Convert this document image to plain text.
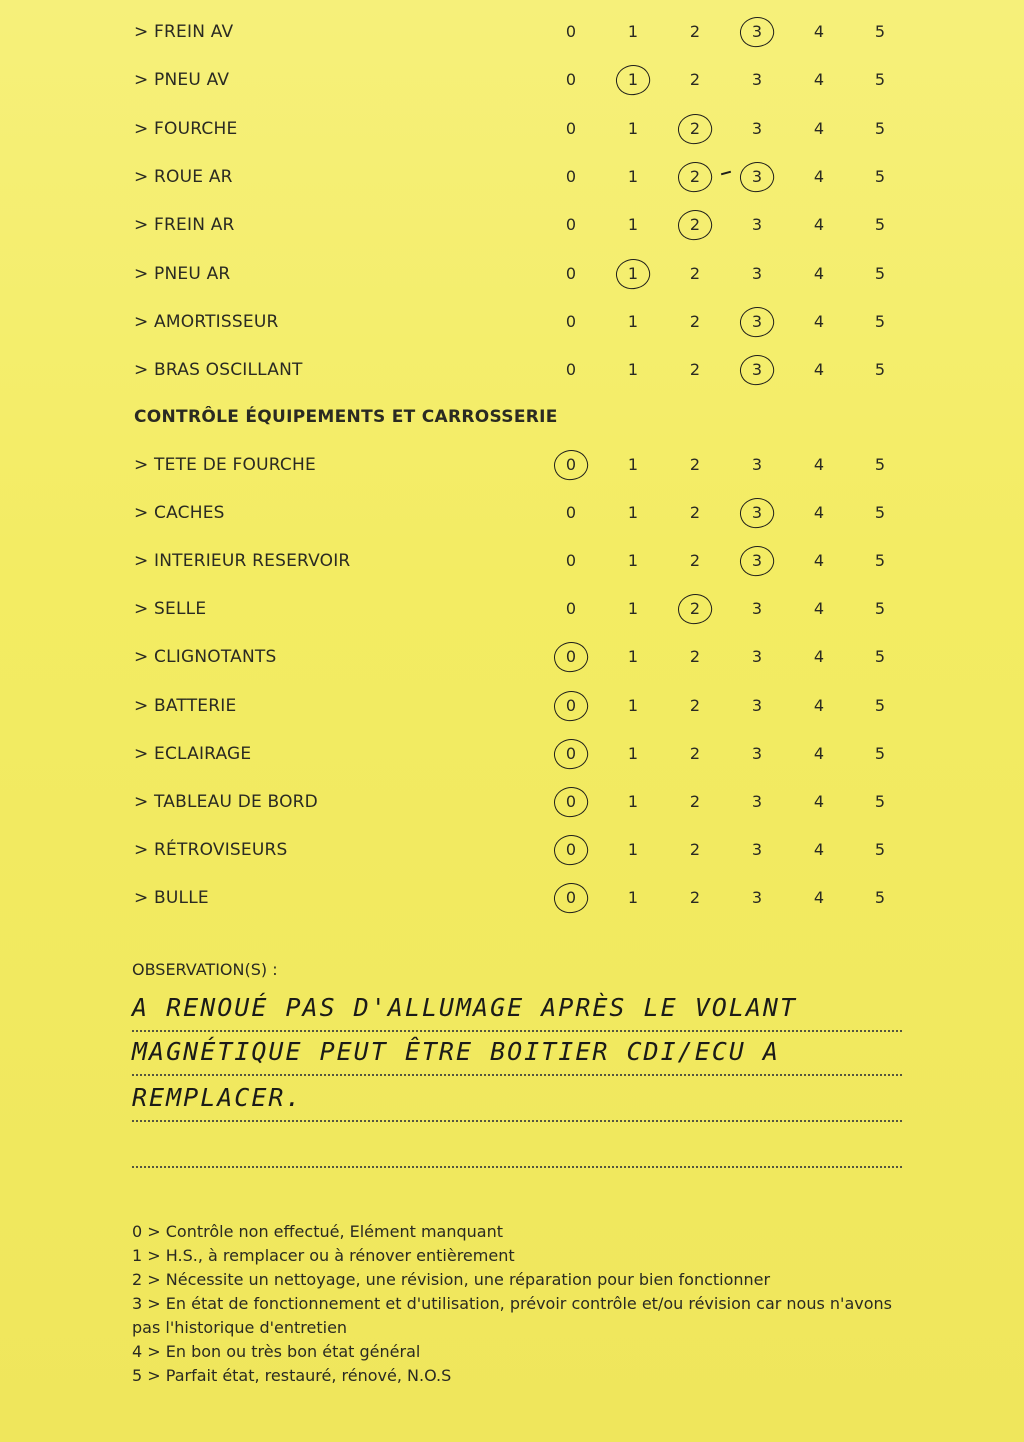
> FREIN AV	0	1	2	3	4	5
> PNEU AV	0	1	2	3	4	5
> FOURCHE	0	1	2	3	4	5
> ROUE AR	0	1	2	3	4	5
> FREIN AR	0	1	2	3	4	5
> PNEU AR	0	1	2	3	4	5
> AMORTISSEUR	0	1	2	3	4	5
> BRAS OSCILLANT	0	1	2	3	4	5
CONTRÔLE ÉQUIPEMENTS ET CARROSSERIE
> TETE DE FOURCHE	0	1	2	3	4	5
> CACHES	0	1	2	3	4	5
> INTERIEUR RESERVOIR	0	1	2	3	4	5
> SELLE	0	1	2	3	4	5
> CLIGNOTANTS	0	1	2	3	4	5
> BATTERIE	0	1	2	3	4	5
> ECLAIRAGE	0	1	2	3	4	5
> TABLEAU DE BORD	0	1	2	3	4	5
> RÉTROVISEURS	0	1	2	3	4	5
> BULLE	0	1	2	3	4	5
OBSERVATION(S) :
A RENOUÉ PAS D'ALLUMAGE APRÈS LE VOLANT
MAGNÉTIQUE PEUT ÊTRE BOITIER CDI/ECU A
REMPLACER.
0 > Contrôle non effectué, Elément manquant
1 > H.S., à remplacer ou à rénover entièrement
2 > Nécessite un nettoyage, une révision, une réparation pour bien fonctionner
3 > En état de fonctionnement et d'utilisation, prévoir contrôle et/ou révision car nous n'avons pas l'historique d'entretien
4 > En bon ou très bon état général
5 > Parfait état, restauré, rénové, N.O.S
